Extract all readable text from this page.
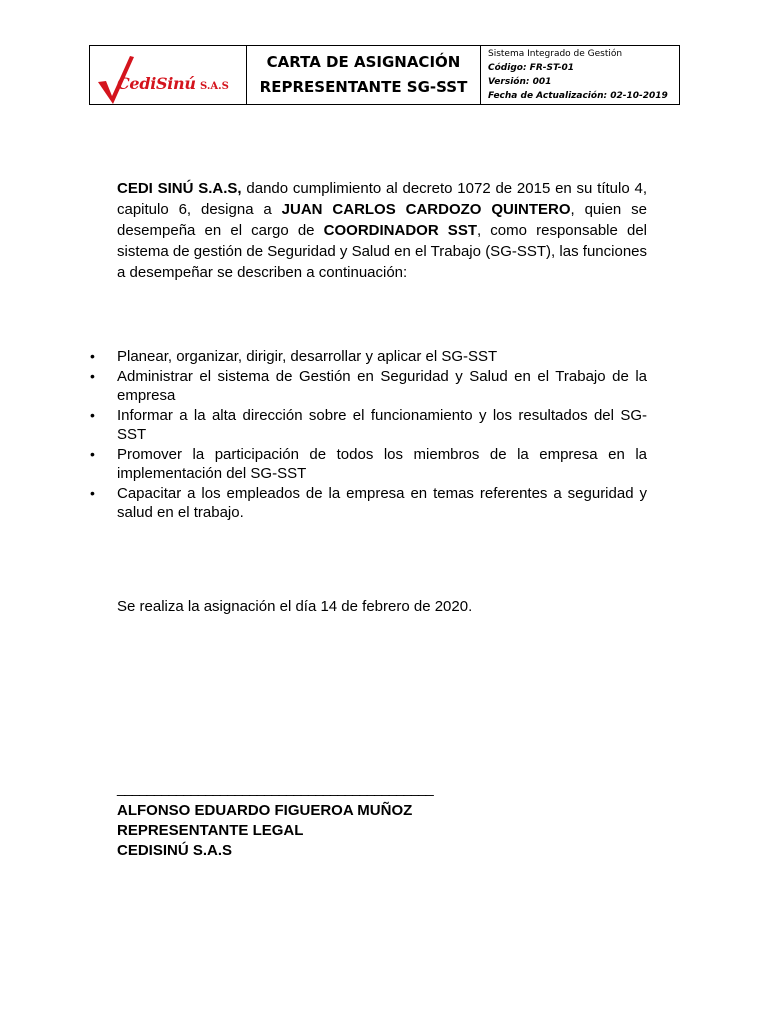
CediSinú S.A.S
CARTA DE ASIGNACIÓN
REPRESENTANTE SG-SST
Sistema Integrado de Gestión
Código: FR-ST-01
Versión: 001
Fecha de Actualización: 02-10-2019
CEDI SINÚ S.A.S, dando cumplimiento al decreto 1072 de 2015 en su título 4, capitulo 6, designa a JUAN CARLOS CARDOZO QUINTERO, quien se desempeña en el cargo de COORDINADOR SST, como responsable del sistema de gestión de Seguridad y Salud en el Trabajo (SG-SST), las funciones a desempeñar se describen a continuación:
• Planear, organizar, dirigir, desarrollar y aplicar el SG-SST
• Administrar el sistema de Gestión en Seguridad y Salud en el Trabajo de la empresa
• Informar a la alta dirección sobre el funcionamiento y los resultados del SG-SST
• Promover la participación de todos los miembros de la empresa en la implementación del SG-SST
• Capacitar a los empleados de la empresa en temas referentes a seguridad y salud en el trabajo.
Se realiza la asignación el día 14 de febrero de 2020.
___________________________________________
ALFONSO EDUARDO FIGUEROA MUÑOZ
REPRESENTANTE LEGAL
CEDISINÚ S.A.S
